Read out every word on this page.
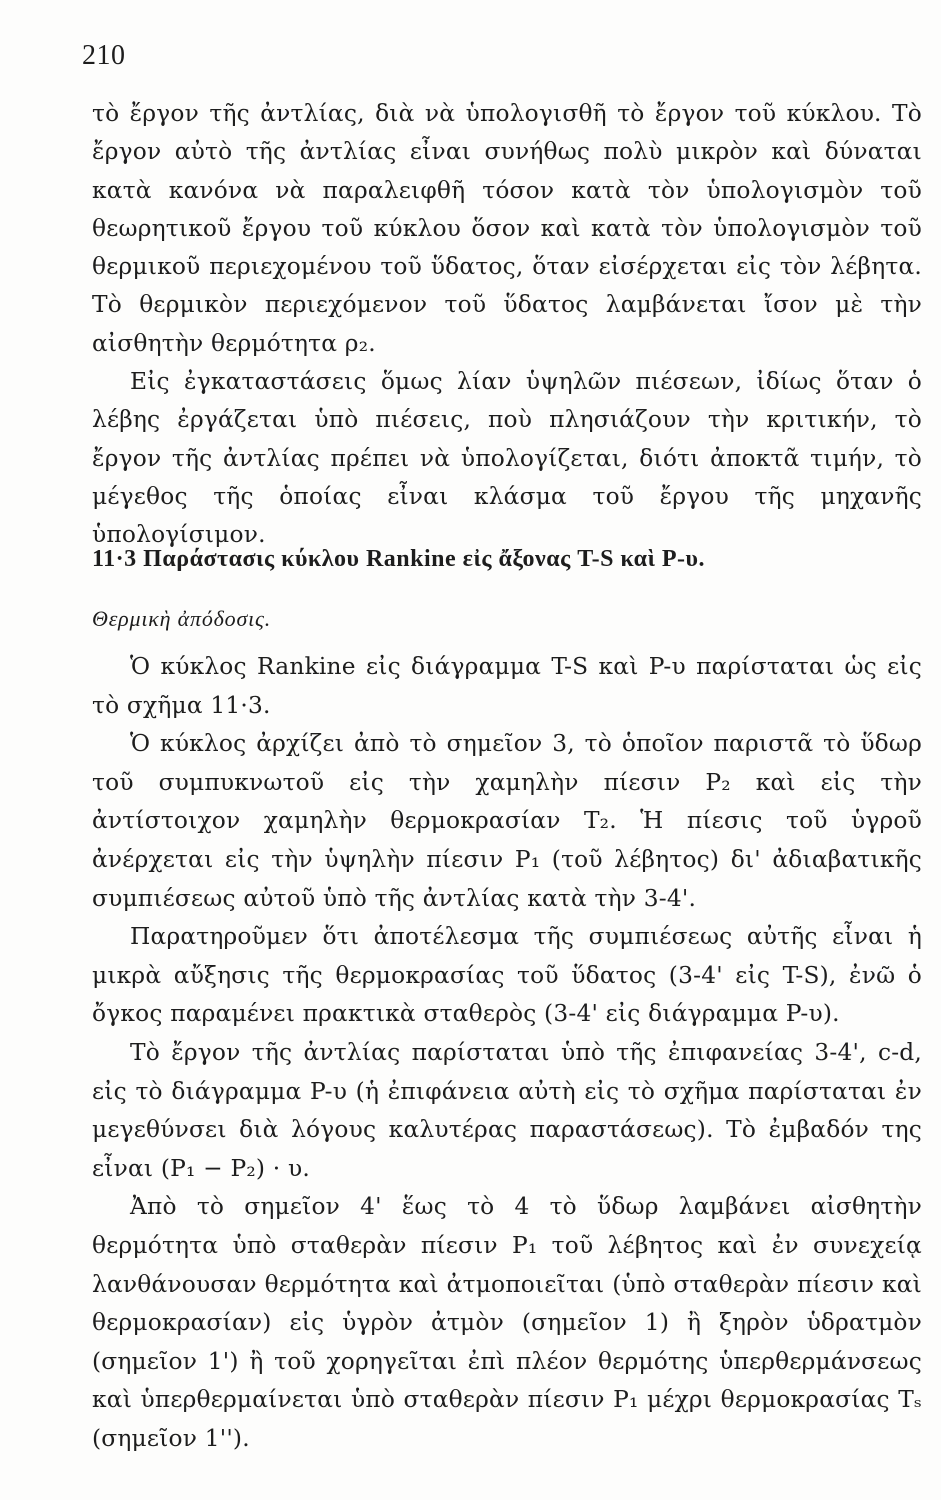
210

τὸ ἔργον τῆς ἀντλίας, διὰ νὰ ὑπολογισθῆ τὸ ἔργον τοῦ κύκλου. Τὸ ἔργον αὐτὸ τῆς ἀντλίας εἶναι συνήθως πολὺ μικρὸν καὶ δύναται κατὰ κανόνα νὰ παραλειφθῆ τόσον κατὰ τὸν ὑπολογισμὸν τοῦ θεωρητικοῦ ἔργου τοῦ κύκλου ὅσον καὶ κατὰ τὸν ὑπολογισμὸν τοῦ θερμικοῦ περιεχομένου τοῦ ὕδατος, ὅταν εἰσέρχεται εἰς τὸν λέβητα. Τὸ θερμικὸν περιεχόμενον τοῦ ὕδατος λαμβάνεται ἴσον μὲ τὴν αἰσθητὴν θερμότητα ρ₂.

Εἰς ἐγκαταστάσεις ὅμως λίαν ὑψηλῶν πιέσεων, ἰδίως ὅταν ὁ λέβης ἐργάζεται ὑπὸ πιέσεις, ποὺ πλησιάζουν τὴν κριτικήν, τὸ ἔργον τῆς ἀντλίας πρέπει νὰ ὑπολογίζεται, διότι ἀποκτᾶ τιμήν, τὸ μέγεθος τῆς ὁποίας εἶναι κλάσμα τοῦ ἔργου τῆς μηχανῆς ὑπολογίσιμον.

11·3 Παράστασις κύκλου Rankine εἰς ἄξονας T-S καὶ P-υ.
Θερμικὴ ἀπόδοσις.

Ὁ κύκλος Rankine εἰς διάγραμμα T-S καὶ P-υ παρίσταται ὡς εἰς τὸ σχῆμα 11·3.

Ὁ κύκλος ἀρχίζει ἀπὸ τὸ σημεῖον 3, τὸ ὁποῖον παριστᾶ τὸ ὕδωρ τοῦ συμπυκνωτοῦ εἰς τὴν χαμηλὴν πίεσιν P₂ καὶ εἰς τὴν ἀντίστοιχον χαμηλὴν θερμοκρασίαν T₂. Ἡ πίεσις τοῦ ὑγροῦ ἀνέρχεται εἰς τὴν ὑψηλὴν πίεσιν P₁ (τοῦ λέβητος) δι' ἀδιαβατικῆς συμπιέσεως αὐτοῦ ὑπὸ τῆς ἀντλίας κατὰ τὴν 3-4'.

Παρατηροῦμεν ὅτι ἀποτέλεσμα τῆς συμπιέσεως αὐτῆς εἶναι ἡ μικρὰ αὔξησις τῆς θερμοκρασίας τοῦ ὕδατος (3-4' εἰς T-S), ἐνῶ ὁ ὄγκος παραμένει πρακτικὰ σταθερὸς (3-4' εἰς διάγραμμα P-υ).

Τὸ ἔργον τῆς ἀντλίας παρίσταται ὑπὸ τῆς ἐπιφανείας 3-4', c-d, εἰς τὸ διάγραμμα P-υ (ἡ ἐπιφάνεια αὐτὴ εἰς τὸ σχῆμα παρίσταται ἐν μεγεθύνσει διὰ λόγους καλυτέρας παραστάσεως). Τὸ ἐμβαδόν της εἶναι (P₁ − P₂) · υ.

Ἀπὸ τὸ σημεῖον 4' ἕως τὸ 4 τὸ ὕδωρ λαμβάνει αἰσθητὴν θερμότητα ὑπὸ σταθερὰν πίεσιν P₁ τοῦ λέβητος καὶ ἐν συνεχείᾳ λανθάνουσαν θερμότητα καὶ ἀτμοποιεῖται (ὑπὸ σταθερὰν πίεσιν καὶ θερμοκρασίαν) εἰς ὑγρὸν ἀτμὸν (σημεῖον 1) ἢ ξηρὸν ὑδρατμὸν (σημεῖον 1') ἢ τοῦ χορηγεῖται ἐπὶ πλέον θερμότης ὑπερθερμάνσεως καὶ ὑπερθερμαίνεται ὑπὸ σταθερὰν πίεσιν P₁ μέχρι θερμοκρασίας Tₛ (σημεῖον 1'').
